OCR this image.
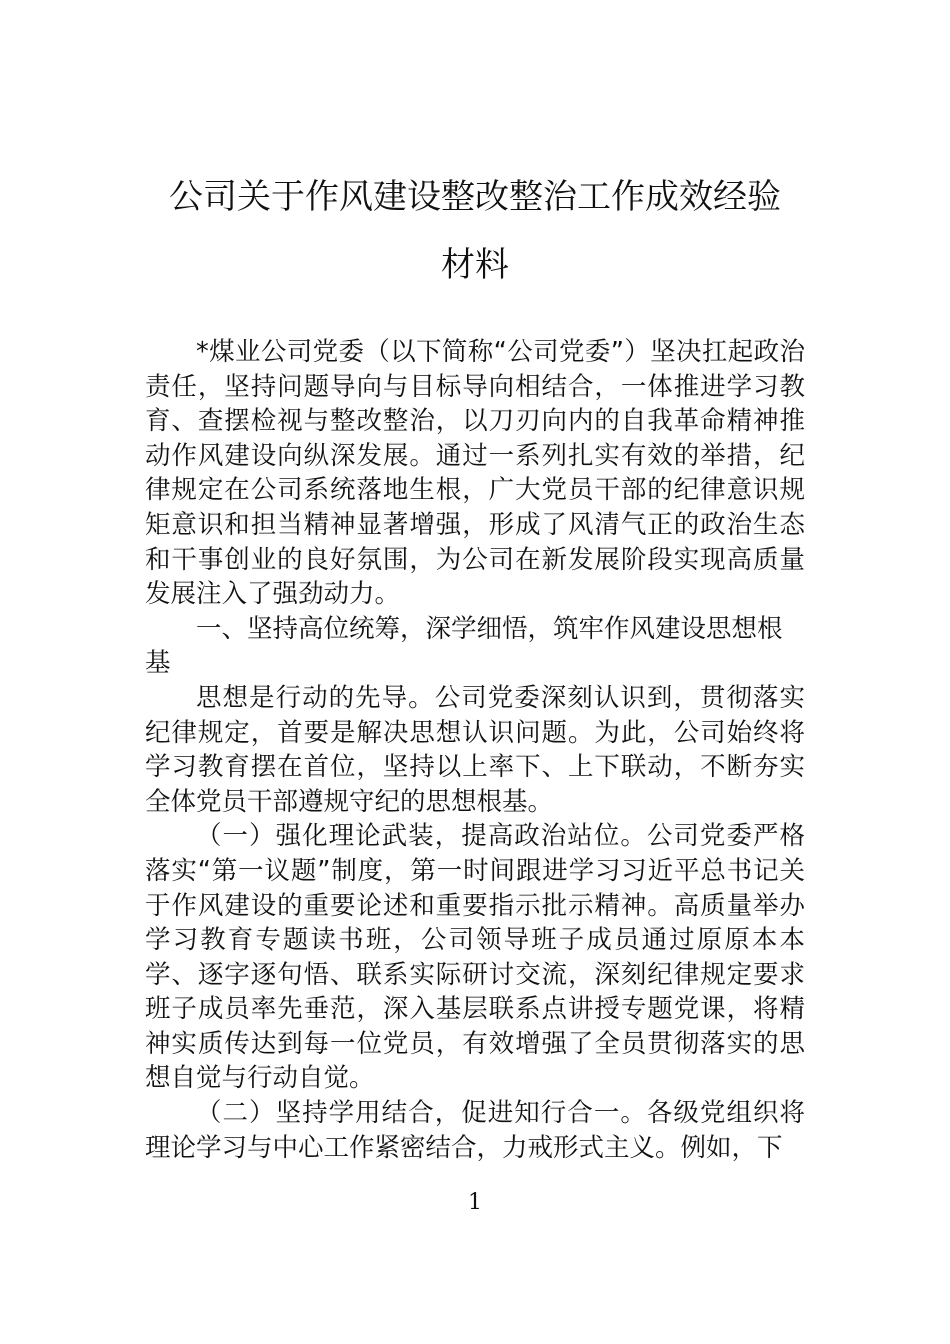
公司关于作风建设整改整治工作成效经验
材料

*煤业公司党委（以下简称“公司党委”）坚决扛起政治责任，坚持问题导向与目标导向相结合，一体推进学习教育、查摆检视与整改整治，以刀刃向内的自我革命精神推动作风建设向纵深发展。通过一系列扎实有效的举措，纪律规定在公司系统落地生根，广大党员干部的纪律意识规矩意识和担当精神显著增强，形成了风清气正的政治生态和干事创业的良好氛围，为公司在新发展阶段实现高质量发展注入了强劲动力。

一、坚持高位统筹，深学细悟，筑牢作风建设思想根基

思想是行动的先导。公司党委深刻认识到，贯彻落实纪律规定，首要是解决思想认识问题。为此，公司始终将学习教育摆在首位，坚持以上率下、上下联动，不断夯实全体党员干部遵规守纪的思想根基。

（一）强化理论武装，提高政治站位。公司党委严格落实“第一议题”制度，第一时间跟进学习习近平总书记关于作风建设的重要论述和重要指示批示精神。高质量举办学习教育专题读书班，公司领导班子成员通过原原本本学、逐字逐句悟、联系实际研讨交流，深刻纪律规定要求班子成员率先垂范，深入基层联系点讲授专题党课，将精神实质传达到每一位党员，有效增强了全员贯彻落实的思想自觉与行动自觉。

（二）坚持学用结合，促进知行合一。各级党组织将理论学习与中心工作紧密结合，力戒形式主义。例如，下

1
